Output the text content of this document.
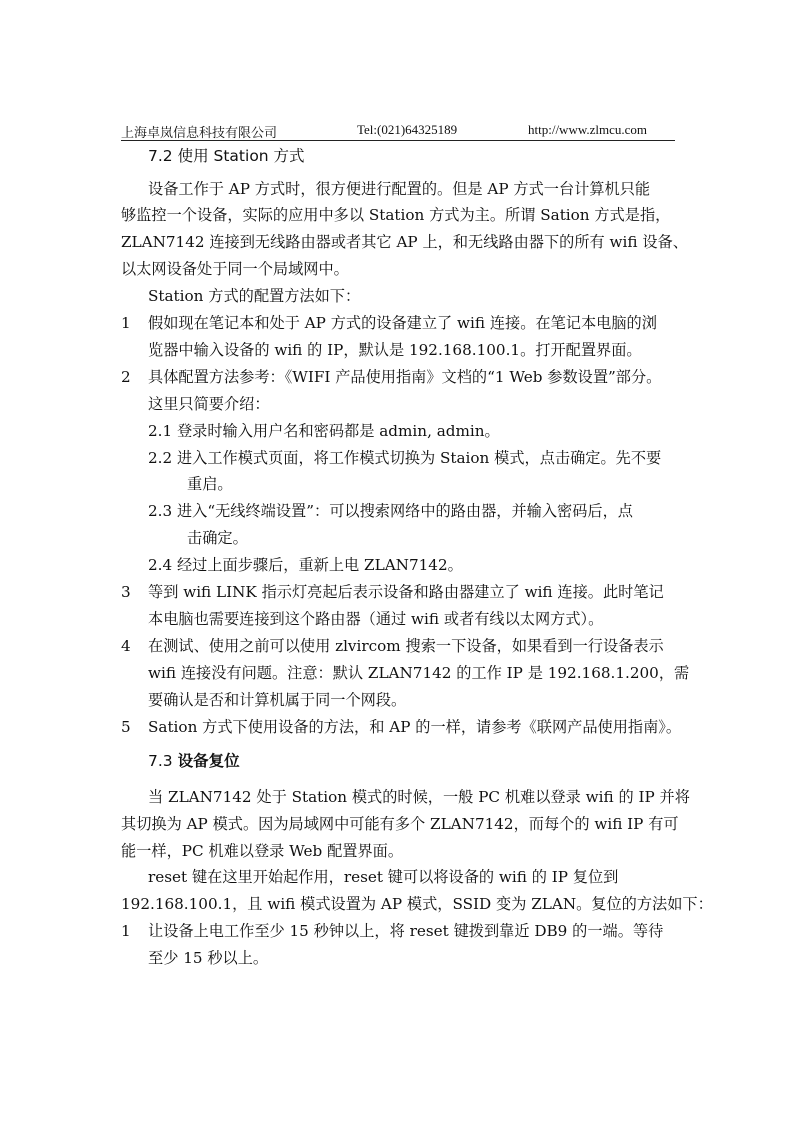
上海卓岚信息科技有限公司	Tel:(021)64325189	http://www.zlmcu.com
7.2 使用 Station 方式
设备工作于 AP 方式时，很方便进行配置的。但是 AP 方式一台计算机只能
够监控一个设备，实际的应用中多以 Station 方式为主。所谓 Sation 方式是指，
ZLAN7142 连接到无线路由器或者其它 AP 上，和无线路由器下的所有 wifi 设备、
以太网设备处于同一个局域网中。
Station 方式的配置方法如下：
1 假如现在笔记本和处于 AP 方式的设备建立了 wifi 连接。在笔记本电脑的浏
览器中输入设备的 wifi 的 IP，默认是 192.168.100.1。打开配置界面。
2 具体配置方法参考：《WIFI 产品使用指南》文档的“1 Web 参数设置”部分。
这里只简要介绍：
2.1 登录时输入用户名和密码都是 admin, admin。
2.2 进入工作模式页面，将工作模式切换为 Staion 模式，点击确定。先不要
重启。
2.3 进入“无线终端设置”：可以搜索网络中的路由器，并输入密码后，点
击确定。
2.4 经过上面步骤后，重新上电 ZLAN7142。
3 等到 wifi LINK 指示灯亮起后表示设备和路由器建立了 wifi 连接。此时笔记
本电脑也需要连接到这个路由器（通过 wifi 或者有线以太网方式）。
4 在测试、使用之前可以使用 zlvircom 搜索一下设备，如果看到一行设备表示
wifi 连接没有问题。注意：默认 ZLAN7142 的工作 IP 是 192.168.1.200，需
要确认是否和计算机属于同一个网段。
5 Sation 方式下使用设备的方法，和 AP 的一样，请参考《联网产品使用指南》。
7.3 设备复位
当 ZLAN7142 处于 Station 模式的时候，一般 PC 机难以登录 wifi 的 IP 并将
其切换为 AP 模式。因为局域网中可能有多个 ZLAN7142，而每个的 wifi IP 有可
能一样，PC 机难以登录 Web 配置界面。
reset 键在这里开始起作用，reset 键可以将设备的 wifi 的 IP 复位到
192.168.100.1，且 wifi 模式设置为 AP 模式，SSID 变为 ZLAN。复位的方法如下：
1 让设备上电工作至少 15 秒钟以上，将 reset 键拨到靠近 DB9 的一端。等待
至少 15 秒以上。
